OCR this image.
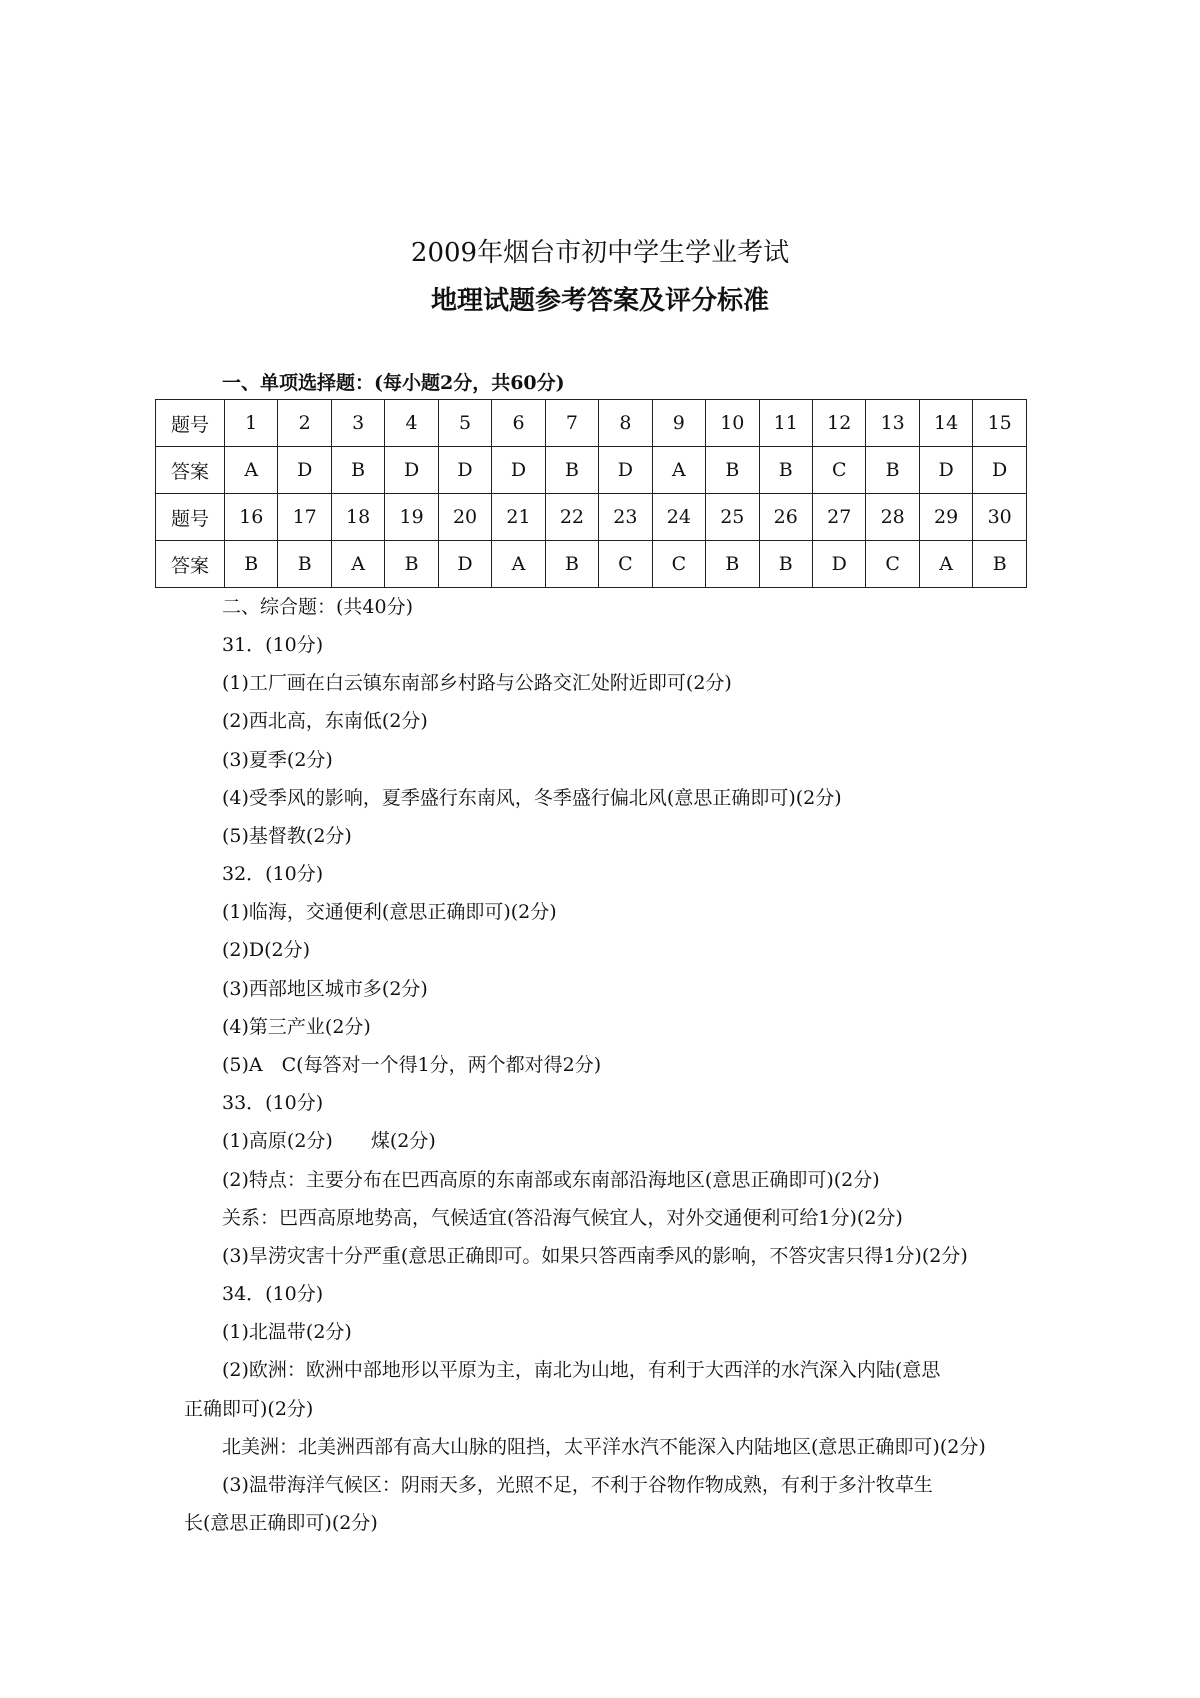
2009年烟台市初中学生学业考试
地理试题参考答案及评分标准
一、单项选择题：(每小题2分，共60分)
题号	1	2	3	4	5	6	7	8	9	10	11	12	13	14	15
答案	A	D	B	D	D	D	B	D	A	B	B	C	B	D	D
题号	16	17	18	19	20	21	22	23	24	25	26	27	28	29	30
答案	B	B	A	B	D	A	B	C	C	B	B	D	C	A	B
二、综合题：(共40分)
31．(10分)
(1)工厂画在白云镇东南部乡村路与公路交汇处附近即可(2分)
(2)西北高，东南低(2分)
(3)夏季(2分)
(4)受季风的影响，夏季盛行东南风，冬季盛行偏北风(意思正确即可)(2分)
(5)基督教(2分)
32．(10分)
(1)临海，交通便利(意思正确即可)(2分)
(2)D(2分)
(3)西部地区城市多(2分)
(4)第三产业(2分)
(5)A　C(每答对一个得1分，两个都对得2分)
33．(10分)
(1)高原(2分)　　煤(2分)
(2)特点：主要分布在巴西高原的东南部或东南部沿海地区(意思正确即可)(2分)
关系：巴西高原地势高，气候适宜(答沿海气候宜人，对外交通便利可给1分)(2分)
(3)旱涝灾害十分严重(意思正确即可。如果只答西南季风的影响，不答灾害只得1分)(2分)
34．(10分)
(1)北温带(2分)
(2)欧洲：欧洲中部地形以平原为主，南北为山地，有利于大西洋的水汽深入内陆(意思
正确即可)(2分)
北美洲：北美洲西部有高大山脉的阻挡，太平洋水汽不能深入内陆地区(意思正确即可)(2分)
(3)温带海洋气候区：阴雨天多，光照不足，不利于谷物作物成熟，有利于多汁牧草生
长(意思正确即可)(2分)
